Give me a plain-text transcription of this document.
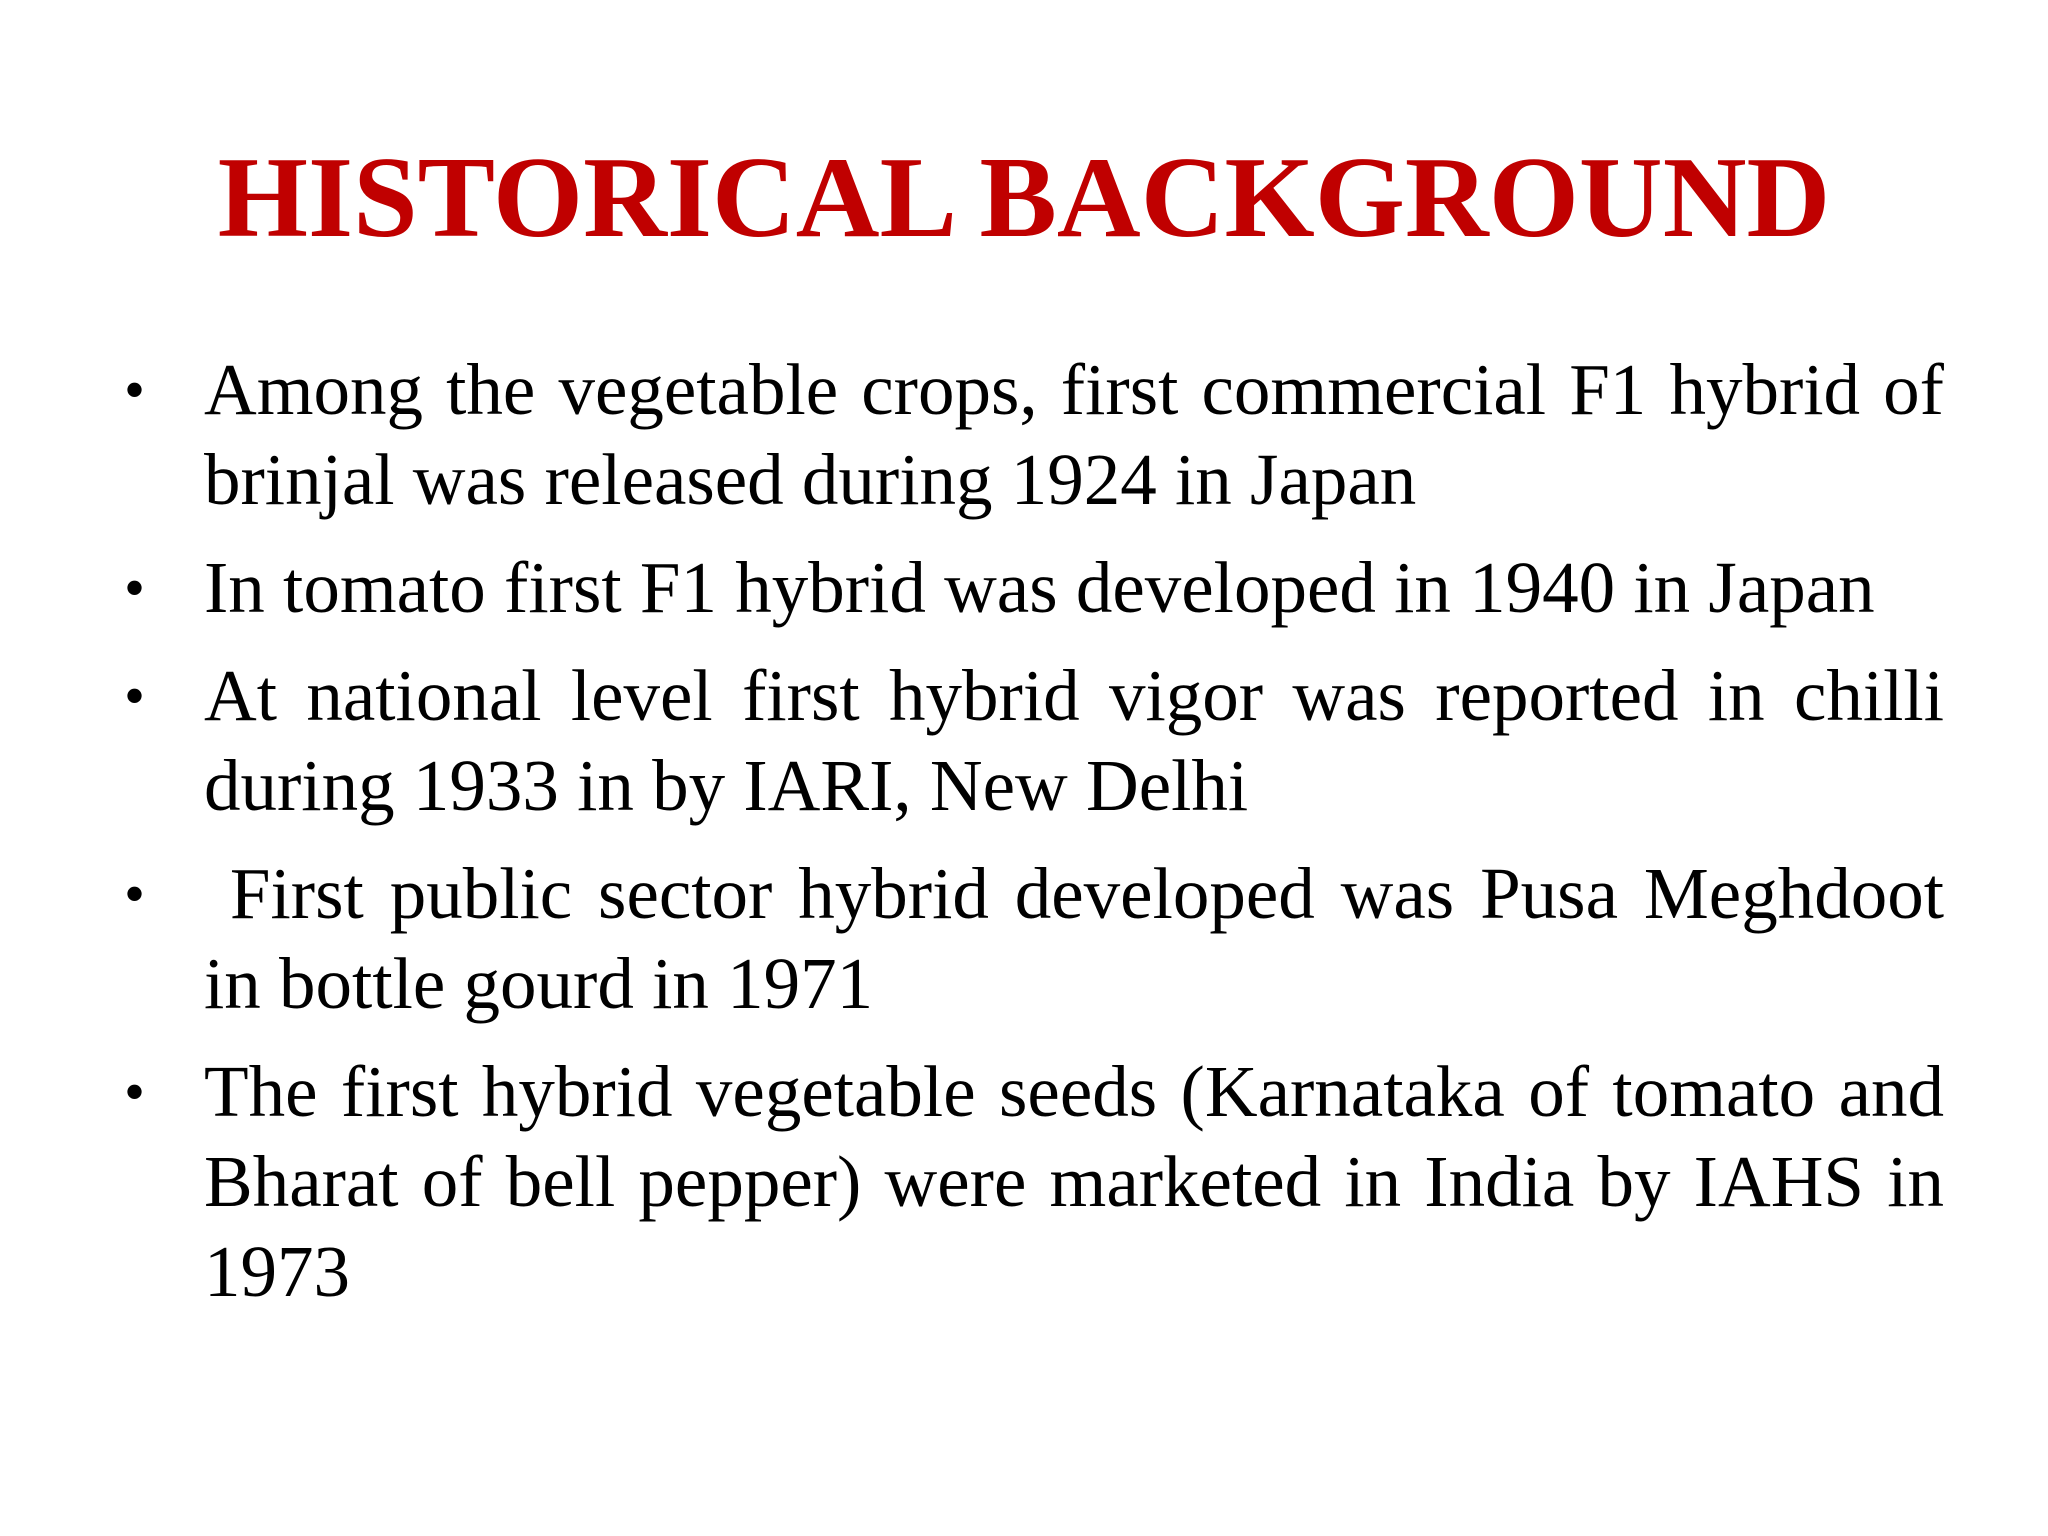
HISTORICAL BACKGROUND
• Among the vegetable crops, first commercial F1 hybrid of brinjal was released during 1924 in Japan
• In tomato first F1 hybrid was developed in 1940 in Japan
• At national level first hybrid vigor was reported in chilli during 1933 in by IARI, New Delhi
• First public sector hybrid developed was Pusa Meghdoot in bottle gourd in 1971
• The first hybrid vegetable seeds (Karnataka of tomato and Bharat of bell pepper) were marketed in India by IAHS in 1973
